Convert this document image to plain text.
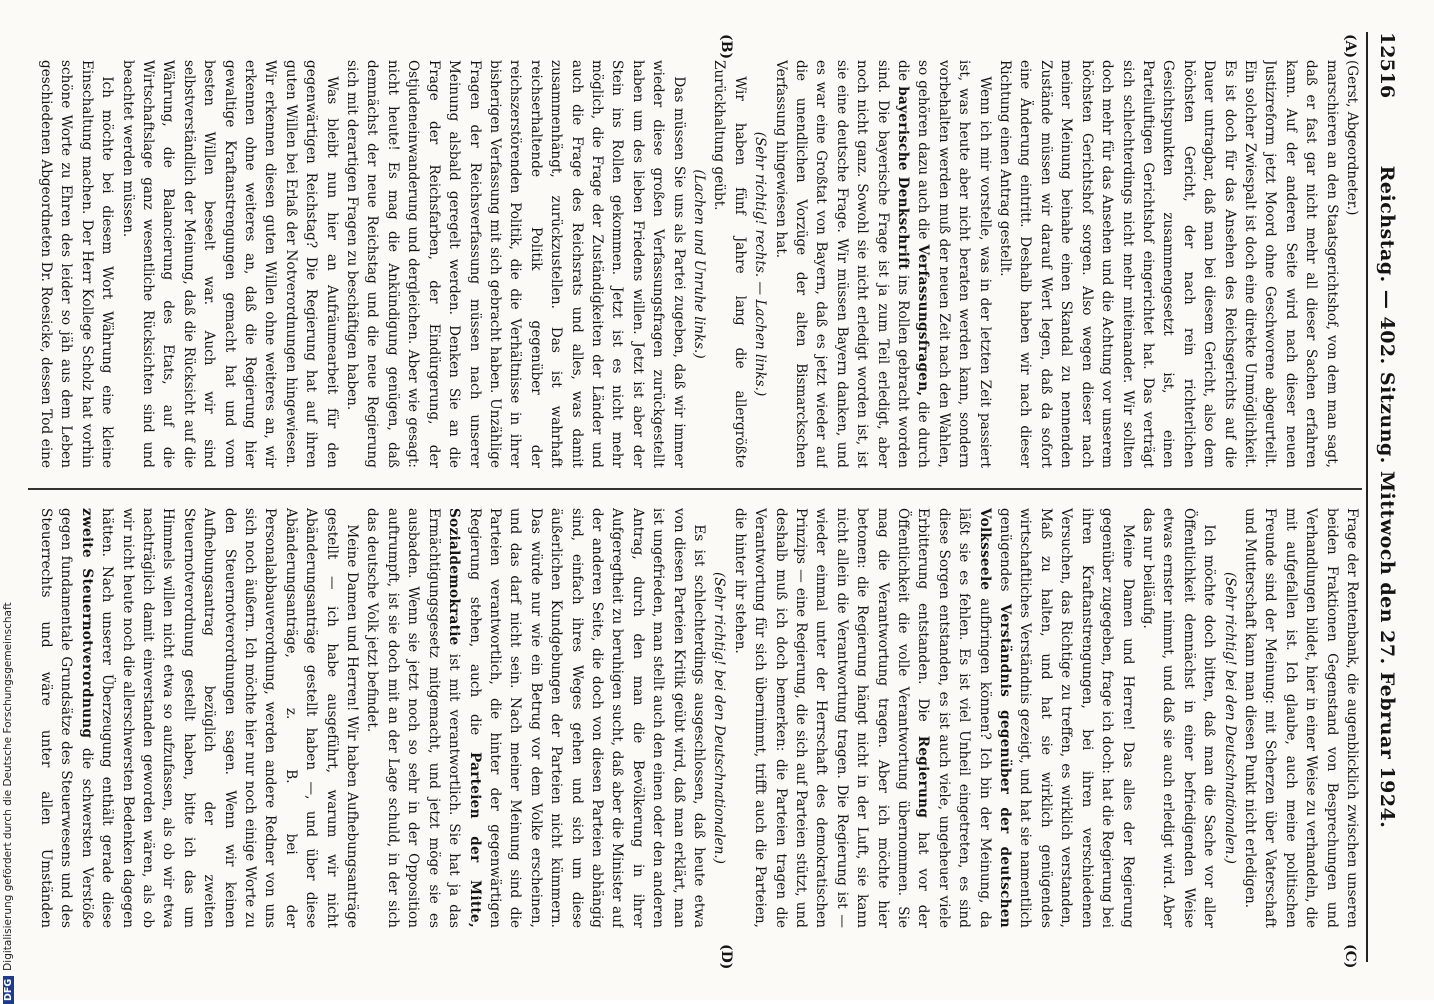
12516
Reichstag. — 402. Sitzung. Mittwoch den 27. Februar 1924.
(A)
(B)
(C)
(D)

(Gerst, Abgeordneter.)

marschieren an den Staatsgerichtshof, von dem man sagt, daß er fast gar nicht mehr all dieser Sachen erfahren kann. Auf der anderen Seite wird nach dieser neuen Justizreform jetzt Moord ohne Geschworene abgeurteilt. Ein solcher Zwiespalt ist doch eine direkte Unmöglichkeit. Es ist doch für das Ansehen des Reichsgerichts auf die Dauer untragbar, daß man bei diesem Gericht, also dem höchsten Gericht, der nach rein richterlichen Gesichtspunkten zusammengesetzt ist, einen Parteiluftigen Gerichtshof eingerichtet hat. Das verträgt sich schlechterdings nicht mehr miteinander. Wir sollten doch mehr für das Ansehen und die Achtung vor unserem höchsten Gerichtshof sorgen. Also wegen dieser nach meiner Meinung beinahe einen Skandal zu nennenden Zustände müssen wir darauf Wert legen, daß da sofort eine Änderung eintritt. Deshalb haben wir nach dieser Richtung einen Antrag gestellt.

Wenn ich mir vorstelle, was in der letzten Zeit passiert ist, was heute aber nicht beraten werden kann, sondern vorbehalten werden muß der neuen Zeit nach den Wahlen, so gehören dazu auch die Verfassungsfragen, die durch die bayerische Denkschrift ins Rollen gebracht worden sind. Die bayerische Frage ist ja zum Teil erledigt, aber noch nicht ganz. Sowohl sie nicht erledigt worden ist, ist sie eine deutsche Frage. Wir müssen Bayern danken, und es war eine Großtat von Bayern, daß es jetzt wieder auf die unendlichen Vorzüge der alten Bismarckschen Verfassung hingewiesen hat.

(Sehr richtig! rechts. — Lachen links.)

Wir haben fünf Jahre lang die allergrößte Zurückhaltung geübt.

(Lachen und Unruhe links.)

Das müssen Sie uns als Partei zugeben, daß wir immer wieder diese großen Verfassungsfragen zurückgestellt haben um des lieben Friedens willen. Jetzt ist aber der Stein ins Rollen gekommen. Jetzt ist es nicht mehr möglich, die Frage der Zuständigkeiten der Länder und auch die Frage des Reichsrats und alles, was damit zusammenhängt, zurückzustellen. Das ist wahrhaft reichserhaltende Politik gegenüber der reichszerstörenden Politik, die die Verhältnisse in ihrer bisherigen Verfassung mit sich gebracht haben. Unzählige Fragen der Reichsverfassung müssen nach unserer Meinung alsbald geregelt werden. Denken Sie an die Frage der Reichsfarben, der Eindürgerung, der Ostjudeneinwanderung und dergleichen. Aber wie gesagt: nicht heute! Es mag die Ankündigung genügen, daß demnächst der neue Reichstag und die neue Regierung sich mit derartigen Fragen zu beschäftigen haben.

Was bleibt nun hier an Aufräumearbeit für den gegenwärtigen Reichstag? Die Regierung hat auf ihren guten Willen bei Erlaß der Notverordnungen hingewiesen. Wir erkennen diesen guten Willen ohne weiteres an, wir erkennen ohne weiteres an, daß die Regierung hier gewaltige Kraftanstrengungen gemacht hat und vom besten Willen beseelt war. Auch wir sind selbstverständlich der Meinung, daß die Rücksicht auf die Währung, die Balancierung des Etats, auf die Wirtschaftslage ganz wesentliche Rücksichten sind und beachtet werden müssen.

Ich möchte bei diesem Wort Währung eine kleine Einschaltung machen. Der Herr Kollege Scholz hat vorhin schöne Worte zu Ehren des leider so jäh aus dem Leben geschiedenen Abgeordneten Dr. Roesicke, dessen Tod eine

Frage der Rentenbank, die augenblicklich zwischen unseren beiden Fraktionen Gegenstand von Besprechungen und Verhandlungen bildet, hier in einer Weise zu verhandeln, die mit aufgefallen ist. Ich glaube, auch meine politischen Freunde sind der Meinung: mit Scherzen über Vaterschaft und Mutterschaft kann man diesen Punkt nicht erledigen.

(Sehr richtig! bei den Deutschnationalen.)

Ich möchte doch bitten, daß man die Sache vor aller Öffentlichkeit demnächst in einer befriedigenden Weise etwas ernster nimmt, und daß sie auch erledigt wird. Aber das nur beiläufig.

Meine Damen und Herren! Das alles der Regierung gegenüber zugegeben, frage ich doch: hat die Regierung bei ihren Kraftanstrengungen, bei ihren verschiedenen Versuchen, das Richtige zu treffen, es wirklich verstanden, Maß zu halten, und hat sie wirklich genügendes wirtschaftliches Verständnis gezeigt, und hat sie namentlich genügendes Verständnis gegenüber der deutschen Volksseele aufbringen können? Ich bin der Meinung, da läßt sie es fehlen. Es ist viel Unheil eingetreten, es sind diese Sorgen entstanden, es ist auch viele, ungeheuer viele Erbitterung entstanden. Die Regierung hat vor der Öffentlichkeit die volle Verantwortung übernommen. Sie mag die Verantwortung tragen. Aber ich möchte hier betonen: die Regierung hängt nicht in der Luft, sie kann nicht allein die Verantwortung tragen. Die Regierung ist — wieder einmal unter der Herrschaft des demokratischen Prinzips — eine Regierung, die sich auf Parteien stützt, und deshalb muß ich doch bemerken: die Parteien tragen die Verantwortung für sich übernimmt, trifft auch die Parteien, die hinter ihr stehen.

(Sehr richtig! bei den Deutschnationalen.)

Es ist schlechterdings ausgeschlossen, daß heute etwa von diesen Parteien Kritik geübt wird, daß man erklärt, man ist ungefrieden, man stellt auch den einen oder den anderen Antrag, durch den man die Bevölkerung in ihrer Aufgeregtheit zu beruhigen sucht, daß aber die Minister auf der anderen Seite, die doch von diesen Parteien abhängig sind, einfach ihres Weges gehen und sich um diese äußerlichen Kundgebungen der Parteien nicht kümmern. Das würde nur wie ein Betrug vor dem Volke erscheinen, und das darf nicht sein. Nach meiner Meinung sind die Parteien verantwortlich, die hinter der gegenwärtigen Regierung stehen, auch die Parteien der Mitte, Sozialdemokratie ist mit verantwortlich. Sie hat ja das Ermächtigungsgesetz mitgemacht, und jetzt möge sie es ausbaden. Wenn sie jetzt noch so sehr in der Opposition auftrumpft, ist sie doch mit an der Lage schuld, in der sich das deutsche Volk jetzt befindet.

Meine Damen und Herren! Wir haben Aufhebungsanträge gestellt — ich habe ausgeführt, warum wir nicht Abänderungsanträge gestellt haben —, und über diese Abänderungsanträge, z. B. bei der Personalabbauverordnung, werden andere Redner von uns sich noch äußern. Ich möchte hier nur noch einige Worte zu den Steuernotverordnungen sagen. Wenn wir keinen Aufhebungsantrag bezüglich der zweiten Steuernotverordnung gestellt haben, bitte ich das um Himmels willen nicht etwa so aufzufassen, als ob wir etwa nachträglich damit einverstanden geworden wären, als ob wir nicht heute noch die allerschwersten Bedenken dagegen hätten. Nach unserer Überzeugung enthält gerade diese zweite Steuernotverordnung die schwersten Verstöße gegen fundamentale Grundsätze des Steuerwesens und des Steuerrechts und wäre unter allen Umständen

DFGDigitalisierung gefördert durch die Deutsche Forschungsgemeinschaft
